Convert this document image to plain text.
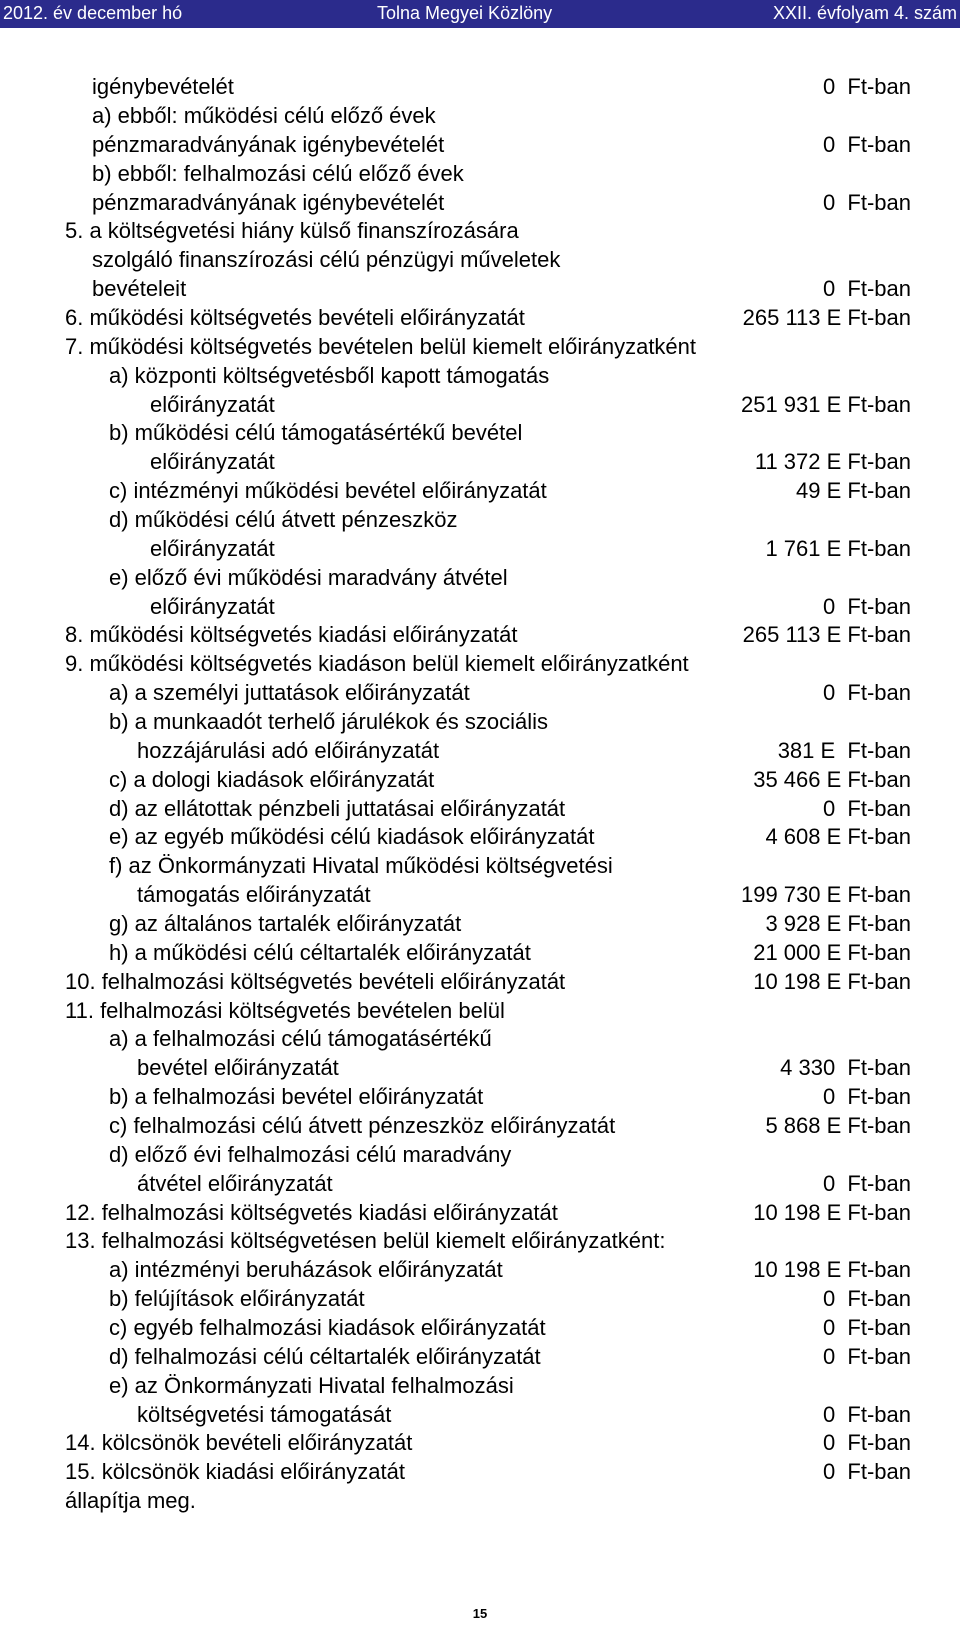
2012. év december hó	Tolna Megyei Közlöny	XXII. évfolyam 4. szám
igénybevételét	0  Ft-ban
a) ebből: működési célú előző évek
pénzmaradványának igénybevételét	0  Ft-ban
b) ebből: felhalmozási célú előző évek
pénzmaradványának igénybevételét	0  Ft-ban
5. a költségvetési hiány külső finanszírozására
szolgáló finanszírozási célú pénzügyi műveletek
bevételeit	0  Ft-ban
6. működési költségvetés bevételi előirányzatát	265 113 E Ft-ban
7. működési költségvetés bevételen belül kiemelt előirányzatként
a) központi költségvetésből kapott támogatás
előirányzatát	251 931 E Ft-ban
b) működési célú támogatásértékű bevétel
előirányzatát	11 372 E Ft-ban
c) intézményi működési bevétel előirányzatát	49 E Ft-ban
d) működési célú átvett pénzeszköz
előirányzatát	1 761 E Ft-ban
e) előző évi működési maradvány átvétel
előirányzatát	0  Ft-ban
8. működési költségvetés kiadási előirányzatát	265 113 E Ft-ban
9. működési költségvetés kiadáson belül kiemelt előirányzatként
a) a személyi juttatások előirányzatát	0  Ft-ban
b) a munkaadót terhelő járulékok és szociális
hozzájárulási adó előirányzatát	381 E  Ft-ban
c) a dologi kiadások előirányzatát	35 466 E Ft-ban
d) az ellátottak pénzbeli juttatásai előirányzatát	0  Ft-ban
e) az egyéb működési célú kiadások előirányzatát	4 608 E Ft-ban
f) az Önkormányzati Hivatal működési költségvetési
támogatás előirányzatát	199 730 E Ft-ban
g) az általános tartalék előirányzatát	3 928 E Ft-ban
h) a működési célú céltartalék előirányzatát	21 000 E Ft-ban
10. felhalmozási költségvetés bevételi előirányzatát	10 198 E Ft-ban
11. felhalmozási költségvetés bevételen belül
a) a felhalmozási célú támogatásértékű
bevétel előirányzatát	4 330  Ft-ban
b) a felhalmozási bevétel előirányzatát	0  Ft-ban
c) felhalmozási célú átvett pénzeszköz előirányzatát	5 868 E Ft-ban
d) előző évi felhalmozási célú maradvány
átvétel előirányzatát	0  Ft-ban
12. felhalmozási költségvetés kiadási előirányzatát	10 198 E Ft-ban
13. felhalmozási költségvetésen belül kiemelt előirányzatként:
a) intézményi beruházások előirányzatát	10 198 E Ft-ban
b) felújítások előirányzatát	0  Ft-ban
c) egyéb felhalmozási kiadások előirányzatát	0  Ft-ban
d) felhalmozási célú céltartalék előirányzatát	0  Ft-ban
e) az Önkormányzati Hivatal felhalmozási
költségvetési támogatását	0  Ft-ban
14. kölcsönök bevételi előirányzatát	0  Ft-ban
15. kölcsönök kiadási előirányzatát	0  Ft-ban
állapítja meg.
15
